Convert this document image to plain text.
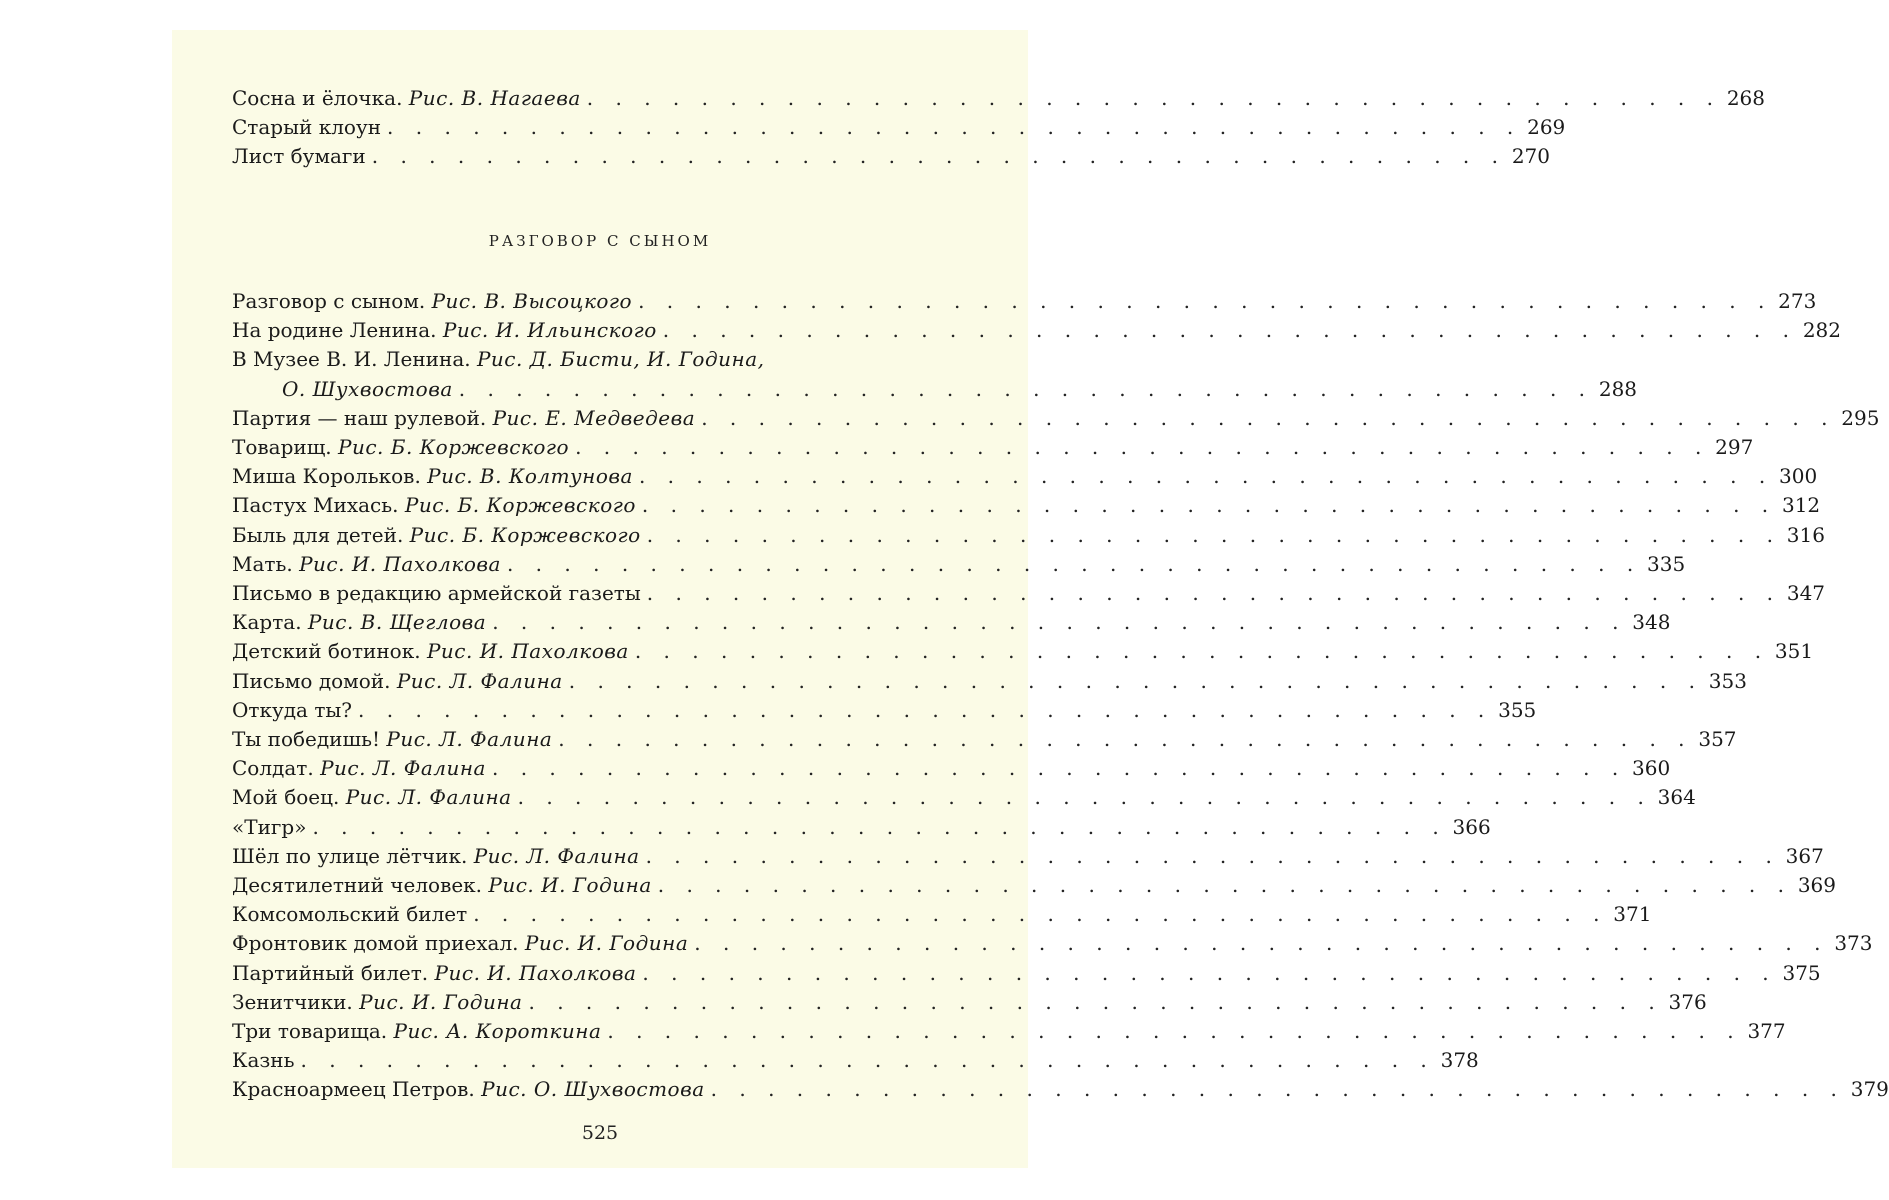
Сосна и ёлочка. Рис. В. Нагаева . . . . . . . . . . . . . . . . . . . . . . . . . . . . . . . . . . . . . . . . 268
Старый клоун . . . . . . . . . . . . . . . . . . . . . . . . . . . . . . . . . . . . . . . . 269
Лист бумаги . . . . . . . . . . . . . . . . . . . . . . . . . . . . . . . . . . . . . . . . 270
РАЗГОВОР С СЫНОМ
Разговор с сыном. Рис. В. Высоцкого . . . . . . . . . . . . . . . . . . . . . . . . . . . . . . . . . . . . . . . . 273
На родине Ленина. Рис. И. Ильинского . . . . . . . . . . . . . . . . . . . . . . . . . . . . . . . . . . . . . . . . 282
В Музее В. И. Ленина. Рис. Д. Бисти, И. Година,
О. Шухвостова . . . . . . . . . . . . . . . . . . . . . . . . . . . . . . . . . . . . . . . . 288
Партия — наш рулевой. Рис. Е. Медведева . . . . . . . . . . . . . . . . . . . . . . . . . . . . . . . . . . . . . . . . 295
Товарищ. Рис. Б. Коржевского . . . . . . . . . . . . . . . . . . . . . . . . . . . . . . . . . . . . . . . . 297
Миша Корольков. Рис. В. Колтунова . . . . . . . . . . . . . . . . . . . . . . . . . . . . . . . . . . . . . . . . 300
Пастух Михась. Рис. Б. Коржевского . . . . . . . . . . . . . . . . . . . . . . . . . . . . . . . . . . . . . . . . 312
Быль для детей. Рис. Б. Коржевского . . . . . . . . . . . . . . . . . . . . . . . . . . . . . . . . . . . . . . . . 316
Мать. Рис. И. Пахолкова . . . . . . . . . . . . . . . . . . . . . . . . . . . . . . . . . . . . . . . . 335
Письмо в редакцию армейской газеты . . . . . . . . . . . . . . . . . . . . . . . . . . . . . . . . . . . . . . . . 347
Карта. Рис. В. Щеглова . . . . . . . . . . . . . . . . . . . . . . . . . . . . . . . . . . . . . . . . 348
Детский ботинок. Рис. И. Пахолкова . . . . . . . . . . . . . . . . . . . . . . . . . . . . . . . . . . . . . . . . 351
Письмо домой. Рис. Л. Фалина . . . . . . . . . . . . . . . . . . . . . . . . . . . . . . . . . . . . . . . . 353
Откуда ты? . . . . . . . . . . . . . . . . . . . . . . . . . . . . . . . . . . . . . . . . 355
Ты победишь! Рис. Л. Фалина . . . . . . . . . . . . . . . . . . . . . . . . . . . . . . . . . . . . . . . . 357
Солдат. Рис. Л. Фалина . . . . . . . . . . . . . . . . . . . . . . . . . . . . . . . . . . . . . . . . 360
Мой боец. Рис. Л. Фалина . . . . . . . . . . . . . . . . . . . . . . . . . . . . . . . . . . . . . . . . 364
«Тигр» . . . . . . . . . . . . . . . . . . . . . . . . . . . . . . . . . . . . . . . . 366
Шёл по улице лётчик. Рис. Л. Фалина . . . . . . . . . . . . . . . . . . . . . . . . . . . . . . . . . . . . . . . . 367
Десятилетний человек. Рис. И. Година . . . . . . . . . . . . . . . . . . . . . . . . . . . . . . . . . . . . . . . . 369
Комсомольский билет . . . . . . . . . . . . . . . . . . . . . . . . . . . . . . . . . . . . . . . . 371
Фронтовик домой приехал. Рис. И. Година . . . . . . . . . . . . . . . . . . . . . . . . . . . . . . . . . . . . . . . . 373
Партийный билет. Рис. И. Пахолкова . . . . . . . . . . . . . . . . . . . . . . . . . . . . . . . . . . . . . . . . 375
Зенитчики. Рис. И. Година . . . . . . . . . . . . . . . . . . . . . . . . . . . . . . . . . . . . . . . . 376
Три товарища. Рис. А. Короткина . . . . . . . . . . . . . . . . . . . . . . . . . . . . . . . . . . . . . . . . 377
Казнь . . . . . . . . . . . . . . . . . . . . . . . . . . . . . . . . . . . . . . . . 378
Красноармеец Петров. Рис. О. Шухвостова . . . . . . . . . . . . . . . . . . . . . . . . . . . . . . . . . . . . . . . . 379
525
